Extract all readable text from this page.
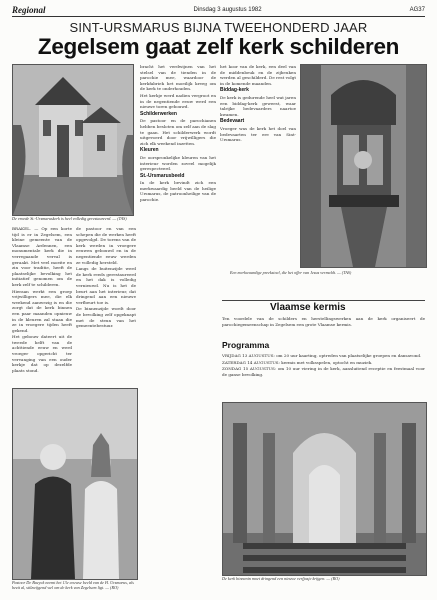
Regional	Dinsdag 3 augustus 1982	AG37
SINT-URSMARUS BIJNA TWEEHONDERD JAAR
Zegelsem gaat zelf kerk schilderen
De vroede St.-Ursmaruskerk is heel volledig gerestaureerd. — (TAS)
Een merkwaardige preekstoel, die het offer van Jezus vermeldt. — (TAS)

BRAKEL. — Op een korte tijd is er in Zegelsem, een kleine gemeente van de Vlaamse Ardennen, een monumentale kerk die in verregaande verval is geraakt. Met veel moeite en zin voor traditie, heeft de plaatselijke bevolking het initiatief genomen om de kerk zelf te schilderen.

Hieraan werkt een groep vrijwilligers mee, die elk weekend aanwezig is en die zorgt dat de kerk binnen een paar maanden opnieuw in de kleuren zal staan die ze in vroegere tijden heeft gekend.

Het gebouw dateert uit de tweede helft van de achttiende eeuw en werd vroeger opgericht ter vervanging van een ouder kerkje dat op dezelfde plaats stond.

de pastoor en van een schepen die de werken heeft opgevolgd. De torens van de kerk werden in vroegere eeuwen gebouwd en in de negentiende eeuw werden ze volledig hersteld.

Langs de buitenzijde werd de kerk reeds gerestaureerd en het dak is volledig vernieuwd. Nu is het de beurt aan het interieur, dat dringend aan een nieuwe verfbeurt toe is.

De binnenzijde wordt door de bevolking zelf opgeknapt met de steun van het gemeentebestuur.

bracht het verdwijnen van het stelsel van de tienden in de parochie mee, waardoor de kerkfabriek het moeilijk kreeg om de kerk te onderhouden.

Het kerkje werd nadien vergroot en in de negentiende eeuw werd een nieuwe toren gebouwd.

Schilderwerken

De pastoor en de parochianen hebben besloten om zelf aan de slag te gaan. Het schilderwerk wordt uitgevoerd door vrijwilligers die zich elk weekend inzetten.

Kleuren

De oorspronkelijke kleuren van het interieur worden zoveel mogelijk gerespecteerd.

St.-Ursmarusbeeld

In de kerk bevindt zich een merkwaardig beeld van de heilige Ursmarus, de patroonheilige van de parochie.

het koor van de kerk, een deel van de middenbeuk en de zijbeuken werden al geschilderd. De rest volgt in de komende maanden.

Biddag-kerk

De kerk is gedurende heel wat jaren een biddag-kerk geweest, waar talrijke bedevaarders naartoe kwamen.

Bedevaart

Vroeger was de kerk het doel van bedevaarten ter ere van Sint-Ursmarus.

Pastoor De Baeyck neemt het 13e eeuwse beeld van de H. Ursmarus, als bezit al, stilzwijgend wel om de kerk van Zegelsem ligt. — (RO)
Vlaamse kermis
Ten voordele van de schilders en herstellingswerken aan de kerk organiseert de parochiegemeenschap in Zegelsem een grote Vlaamse kermis.
Programma

VRIJDAG 13 AUGUSTUS: om 20 uur kaarting, optreden van plaatselijke groepen en dansavond.

ZATERDAG 14 AUGUSTUS: kermis met volksspelen, optocht en muziek.

ZONDAG 15 AUGUSTUS: om 10 uur viering in de kerk, aansluitend receptie en feestmaal voor de ganse bevolking.

De kerk binnenin moet dringend een nieuwe verfjasje krijgen. — (RO)
